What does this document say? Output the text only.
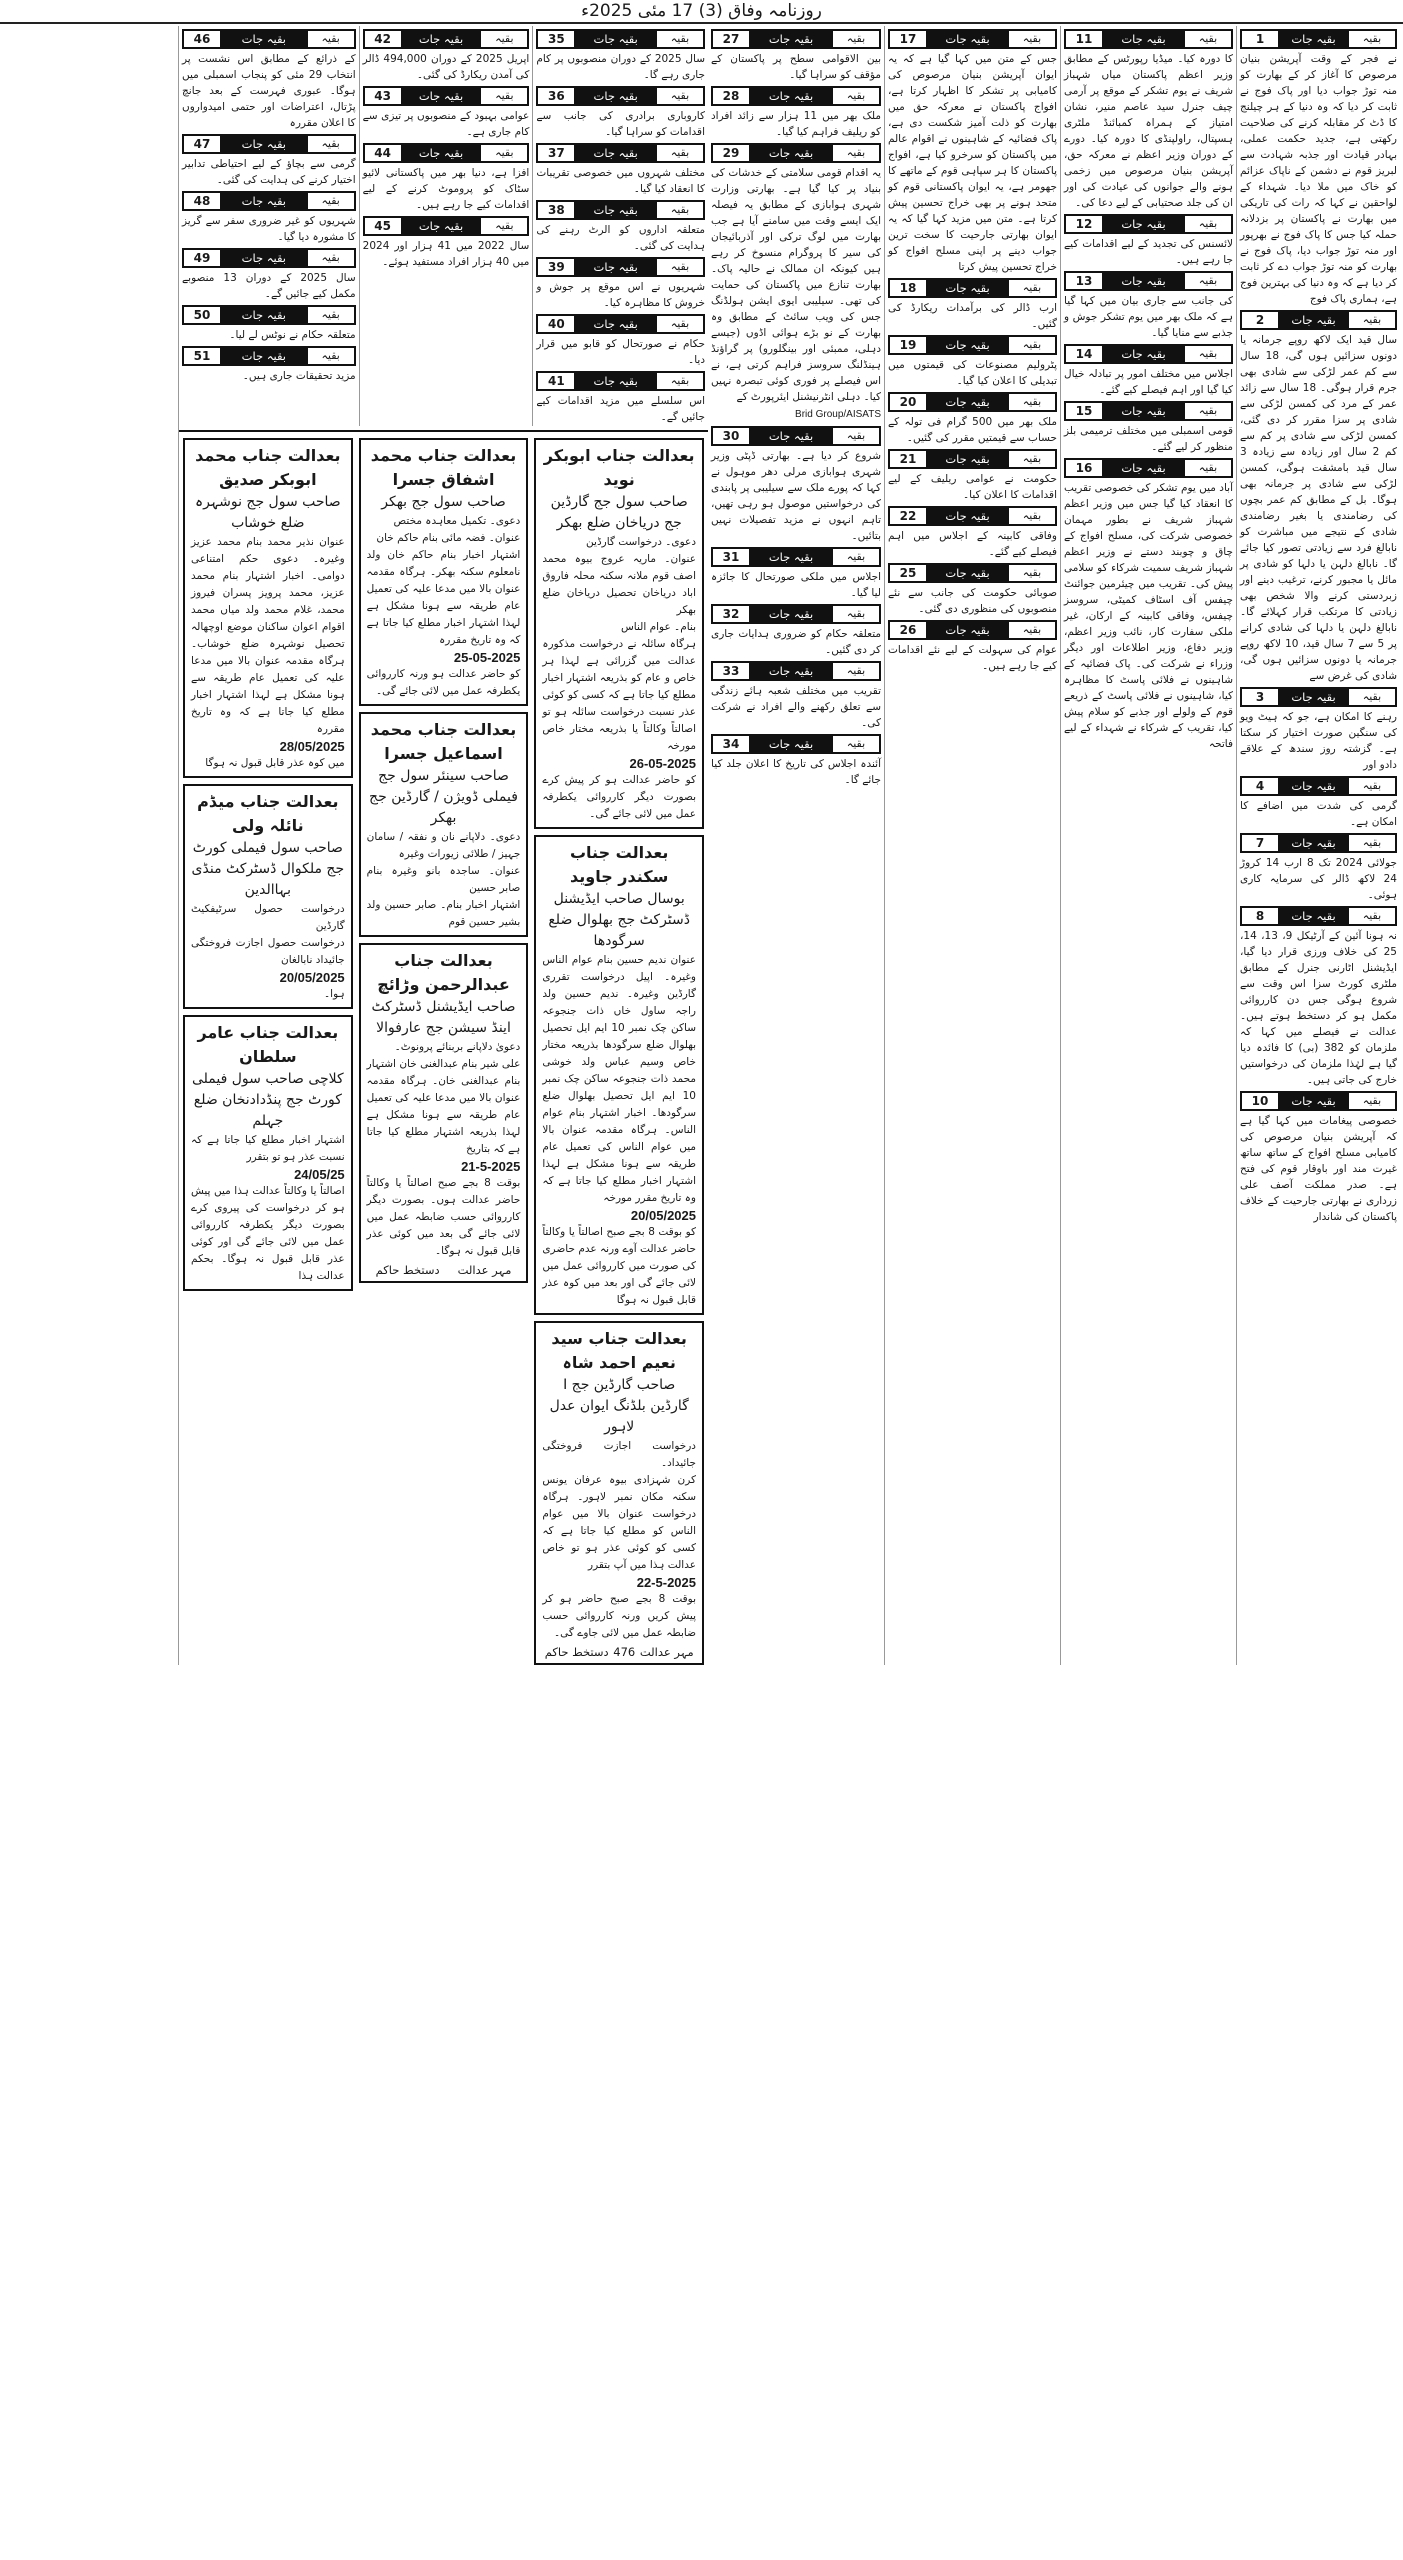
روزنامہ وفاق (3) 17 مئی 2025ء
1	بقیہ جات	بقیہ

نے فجر کے وقت آپریشن بنیان مرصوص کا آغاز کر کے بھارت کو منہ توڑ جواب دیا اور پاک فوج نے ثابت کر دیا کہ وہ دنیا کے ہر چیلنج کا ڈٹ کر مقابلہ کرنے کی صلاحیت رکھتی ہے، جدید حکمت عملی، بہادر قیادت اور جذبہ شہادت سے لبریز قوم نے دشمن کے ناپاک عزائم کو خاک میں ملا دیا۔ شہداء کے لواحقین نے کہا کہ رات کی تاریکی میں بھارت نے پاکستان پر بزدلانہ حملہ کیا جس کا پاک فوج نے بھرپور اور منہ توڑ جواب دیا، پاک فوج نے بھارت کو منہ توڑ جواب دے کر ثابت کر دیا ہے کہ وہ دنیا کی بہترین فوج ہے، ہماری پاک فوج

2	بقیہ جات	بقیہ

سال قید ایک لاکھ روپے جرمانہ یا دونوں سزائیں ہوں گی، 18 سال سے کم عمر لڑکی سے شادی بھی جرم قرار ہوگی۔ 18 سال سے زائد عمر کے مرد کی کمسن لڑکی سے شادی پر سزا مقرر کر دی گئی، کمسن لڑکی سے شادی پر کم سے کم 2 سال اور زیادہ سے زیادہ 3 سال قید بامشقت ہوگی، کمسن لڑکی سے شادی پر جرمانہ بھی ہوگا۔ بل کے مطابق کم عمر بچوں کی رضامندی یا بغیر رضامندی شادی کے نتیجے میں مباشرت کو نابالغ فرد سے زیادتی تصور کیا جائے گا۔ نابالغ دلہن یا دلہا کو شادی پر مائل یا مجبور کرنے، ترغیب دینے اور زبردستی کرنے والا شخص بھی زیادتی کا مرتکب قرار کہلائے گا۔ نابالغ دلہن یا دلہا کی شادی کرانے پر 5 سے 7 سال قید، 10 لاکھ روپے جرمانہ یا دونوں سزائیں ہوں گی، شادی کی غرض سے

3	بقیہ جات	بقیہ

رہنے کا امکان ہے، جو کہ ہیٹ ویو کی سنگین صورت اختیار کر سکتا ہے۔ گزشتہ روز سندھ کے علاقے دادو اور

4	بقیہ جات	بقیہ

گرمی کی شدت میں اضافے کا امکان ہے۔

7	بقیہ جات	بقیہ

جولائی 2024 تک 8 ارب 14 کروڑ 24 لاکھ ڈالر کی سرمایہ کاری ہوئی۔

8	بقیہ جات	بقیہ

نہ ہونا آئین کے آرٹیکل 9، 13، 14، 25 کی خلاف ورزی قرار دیا گیا، ایڈیشنل اٹارنی جنرل کے مطابق ملٹری کورٹ سزا اس وقت سے شروع ہوگی جس دن کارروائی مکمل ہو کر دستخط ہوتے ہیں۔ عدالت نے فیصلے میں کہا کہ ملزمان کو 382 (بی) کا فائدہ دیا گیا ہے لہٰذا ملزمان کی درخواستیں خارج کی جاتی ہیں۔

10	بقیہ جات	بقیہ

خصوصی پیغامات میں کہا گیا ہے کہ آپریشن بنیان مرصوص کی کامیابی مسلح افواج کے ساتھ ساتھ غیرت مند اور باوقار قوم کی فتح ہے۔ صدر مملکت آصف علی زرداری نے بھارتی جارحیت کے خلاف پاکستان کی شاندار

11	بقیہ جات	بقیہ

کا دورہ کیا۔ میڈیا رپورٹس کے مطابق وزیر اعظم پاکستان میاں شہباز شریف نے یوم تشکر کے موقع پر آرمی چیف جنرل سید عاصم منیر، نشان امتیاز کے ہمراہ کمبائنڈ ملٹری ہسپتال، راولپنڈی کا دورہ کیا۔ دورے کے دوران وزیر اعظم نے معرکہ حق، آپریشن بنیان مرصوص میں زخمی ہونے والے جوانوں کی عیادت کی اور ان کی جلد صحتیابی کے لیے دعا کی۔

12	بقیہ جات	بقیہ

لائسنس کی تجدید کے لیے اقدامات کیے جا رہے ہیں۔

13	بقیہ جات	بقیہ

کی جانب سے جاری بیان میں کہا گیا ہے کہ ملک بھر میں یوم تشکر جوش و جذبے سے منایا گیا۔

14	بقیہ جات	بقیہ

اجلاس میں مختلف امور پر تبادلہ خیال کیا گیا اور اہم فیصلے کیے گئے۔

15	بقیہ جات	بقیہ

قومی اسمبلی میں مختلف ترمیمی بلز منظور کر لیے گئے۔

16	بقیہ جات	بقیہ

آباد میں یوم تشکر کی خصوصی تقریب کا انعقاد کیا گیا جس میں وزیر اعظم شہباز شریف نے بطور مہمان خصوصی شرکت کی، مسلح افواج کے چاق و چوبند دستے نے وزیر اعظم شہباز شریف سمیت شرکاء کو سلامی پیش کی۔ تقریب میں چیئرمین جوائنٹ چیفس آف اسٹاف کمیٹی، سروسز چیفس، وفاقی کابینہ کے ارکان، غیر ملکی سفارت کار، نائب وزیر اعظم، وزیر دفاع، وزیر اطلاعات اور دیگر وزراء نے شرکت کی۔ پاک فضائیہ کے شاہینوں نے فلائی پاسٹ کا مظاہرہ کیا، شاہینوں نے فلائی پاسٹ کے ذریعے قوم کے ولولے اور جذبے کو سلام پیش کیا، تقریب کے شرکاء نے شہداء کے لیے فاتحہ

17	بقیہ جات	بقیہ

جس کے متن میں کہا گیا ہے کہ یہ ایوان آپریشن بنیان مرصوص کی کامیابی پر تشکر کا اظہار کرتا ہے، افواج پاکستان نے معرکہ حق میں بھارت کو ذلت آمیز شکست دی ہے، پاک فضائیہ کے شاہینوں نے اقوام عالم میں پاکستان کو سرخرو کیا ہے، افواج پاکستان کا ہر سپاہی قوم کے ماتھے کا جھومر ہے، یہ ایوان پاکستانی قوم کو متحد ہونے پر بھی خراج تحسین پیش کرتا ہے۔ متن میں مزید کہا گیا کہ یہ ایوان بھارتی جارحیت کا سخت ترین جواب دینے پر اپنی مسلح افواج کو خراج تحسین پیش کرتا

18	بقیہ جات	بقیہ

ارب ڈالر کی برآمدات ریکارڈ کی گئیں۔

19	بقیہ جات	بقیہ

پٹرولیم مصنوعات کی قیمتوں میں تبدیلی کا اعلان کیا گیا۔

20	بقیہ جات	بقیہ

ملک بھر میں 500 گرام فی تولہ کے حساب سے قیمتیں مقرر کی گئیں۔

21	بقیہ جات	بقیہ

حکومت نے عوامی ریلیف کے لیے اقدامات کا اعلان کیا۔

22	بقیہ جات	بقیہ

وفاقی کابینہ کے اجلاس میں اہم فیصلے کیے گئے۔

25	بقیہ جات	بقیہ

صوبائی حکومت کی جانب سے نئے منصوبوں کی منظوری دی گئی۔

26	بقیہ جات	بقیہ

عوام کی سہولت کے لیے نئے اقدامات کیے جا رہے ہیں۔

27	بقیہ جات	بقیہ

بین الاقوامی سطح پر پاکستان کے مؤقف کو سراہا گیا۔

28	بقیہ جات	بقیہ

ملک بھر میں 11 ہزار سے زائد افراد کو ریلیف فراہم کیا گیا۔

29	بقیہ جات	بقیہ

یہ اقدام قومی سلامتی کے خدشات کی بنیاد پر کیا گیا ہے۔ بھارتی وزارت شہری ہوابازی کے مطابق یہ فیصلہ ایک ایسے وقت میں سامنے آیا ہے جب بھارت میں لوگ ترکی اور آذربائیجان کی سیر کا پروگرام منسوخ کر رہے ہیں کیونکہ ان ممالک نے حالیہ پاک۔بھارت تنازع میں پاکستان کی حمایت کی تھی۔ سیلیبی ایوی ایشن ہولڈنگ جس کی ویب سائٹ کے مطابق وہ بھارت کے نو بڑے ہوائی اڈوں (جیسے دہلی، ممبئی اور بینگلورو) پر گراؤنڈ ہینڈلنگ سروسز فراہم کرتی ہے، نے اس فیصلے پر فوری کوئی تبصرہ نہیں کیا۔ دہلی انٹرنیشنل ایئرپورٹ کے

Brid Group/AISATS
30	بقیہ جات	بقیہ

شروع کر دیا ہے۔ بھارتی ڈپٹی وزیر شہری ہوابازی مرلی دھر موہول نے کہا کہ پورے ملک سے سیلیبی پر پابندی کی درخواستیں موصول ہو رہی تھیں، تاہم انہوں نے مزید تفصیلات نہیں بتائیں۔

31	بقیہ جات	بقیہ

اجلاس میں ملکی صورتحال کا جائزہ لیا گیا۔

32	بقیہ جات	بقیہ

متعلقہ حکام کو ضروری ہدایات جاری کر دی گئیں۔

33	بقیہ جات	بقیہ

تقریب میں مختلف شعبہ ہائے زندگی سے تعلق رکھنے والے افراد نے شرکت کی۔

34	بقیہ جات	بقیہ

آئندہ اجلاس کی تاریخ کا اعلان جلد کیا جائے گا۔

35	بقیہ جات	بقیہ

سال 2025 کے دوران منصوبوں پر کام جاری رہے گا۔

36	بقیہ جات	بقیہ

کاروباری برادری کی جانب سے اقدامات کو سراہا گیا۔

37	بقیہ جات	بقیہ

مختلف شہروں میں خصوصی تقریبات کا انعقاد کیا گیا۔

38	بقیہ جات	بقیہ

متعلقہ اداروں کو الرٹ رہنے کی ہدایت کی گئی۔

39	بقیہ جات	بقیہ

شہریوں نے اس موقع پر جوش و خروش کا مظاہرہ کیا۔

40	بقیہ جات	بقیہ

حکام نے صورتحال کو قابو میں قرار دیا۔

41	بقیہ جات	بقیہ

اس سلسلے میں مزید اقدامات کیے جائیں گے۔

42	بقیہ جات	بقیہ

اپریل 2025 کے دوران 494,000 ڈالر کی آمدن ریکارڈ کی گئی۔

43	بقیہ جات	بقیہ

عوامی بہبود کے منصوبوں پر تیزی سے کام جاری ہے۔

44	بقیہ جات	بقیہ

افزا ہے، دنیا بھر میں پاکستانی لائیو سٹاک کو پروموٹ کرنے کے لیے اقدامات کیے جا رہے ہیں۔

45	بقیہ جات	بقیہ

سال 2022 میں 41 ہزار اور 2024 میں 40 ہزار افراد مستفید ہوئے۔

46	بقیہ جات	بقیہ

کے ذرائع کے مطابق اس نشست پر انتخاب 29 مئی کو پنجاب اسمبلی میں ہوگا۔ عبوری فہرست کے بعد جانچ پڑتال، اعتراضات اور حتمی امیدواروں کا اعلان مقررہ

47	بقیہ جات	بقیہ

گرمی سے بچاؤ کے لیے احتیاطی تدابیر اختیار کرنے کی ہدایت کی گئی۔

48	بقیہ جات	بقیہ

شہریوں کو غیر ضروری سفر سے گریز کا مشورہ دیا گیا۔

49	بقیہ جات	بقیہ

سال 2025 کے دوران 13 منصوبے مکمل کیے جائیں گے۔

50	بقیہ جات	بقیہ

متعلقہ حکام نے نوٹس لے لیا۔

51	بقیہ جات	بقیہ

مزید تحقیقات جاری ہیں۔

بعدالت جناب ابوبکر نوید
صاحب سول جج گارڈین جج دریاخان ضلع بھکر
دعوی۔ درخواست گارڈین
عنوان۔ ماریہ عروج بیوہ محمد اصف قوم ملانہ سکنہ محلہ فاروق اباد دریاخان تحصیل دریاخان ضلع بھکر
بنام۔ عوام الناس
ہرگاہ سائلہ نے درخواست مذکورہ عدالت میں گزرائی ہے لہذا ہر خاص و عام کو بذریعہ اشتہار اخبار مطلع کیا جاتا ہے کہ کسی کو کوئی عذر نسبت درخواست سائلہ ہو تو اصالتاً وکالتاً یا بذریعہ مختار خاص مورخہ
26-05-2025
کو حاضر عدالت ہو کر پیش کرے بصورت دیگر کارروائی یکطرفہ عمل میں لائی جائے گی۔
بعدالت جناب سکندر جاوید
بوسال صاحب ایڈیشنل ڈسٹرکٹ جج بھلوال ضلع سرگودھا
عنوان ندیم حسین بنام عوام الناس وغیرہ۔ اپیل درخواست تقرری گارڈین وغیرہ۔ ندیم حسین ولد راجہ ساول خاں ذات جنجوعہ ساکن چک نمبر 10 ایم ایل تحصیل بھلوال ضلع سرگودھا بذریعہ مختار خاص وسیم عباس ولد خوشی محمد ذات جنجوعہ ساکن چک نمبر 10 ایم ایل تحصیل بھلوال ضلع سرگودھا۔ اخبار اشتہار بنام عوام الناس۔ ہرگاہ مقدمہ عنوان بالا میں عوام الناس کی تعمیل عام طریقہ سے ہونا مشکل ہے لہذا اشتہار اخبار مطلع کیا جاتا ہے کہ وہ تاریخ مقرر مورخہ
20/05/2025
کو بوقت 8 بجے صبح اصالتاً یا وکالتاً حاضر عدالت آوے ورنہ عدم حاضری کی صورت میں کارروائی عمل میں لائی جائے گی اور بعد میں کوہ عذر قابل قبول نہ ہوگا
بعدالت جناب سید نعیم احمد شاہ
صاحب گارڈین جج I گارڈین بلڈنگ ایوان عدل لاہور
درخواست اجازت فروختگی جائیداد۔
کرن شہزادی بیوہ عرفان یونس سکنہ مکان نمبر لاہور۔ ہرگاہ درخواست عنوان بالا میں عوام الناس کو مطلع کیا جاتا ہے کہ کسی کو کوئی عذر ہو تو خاص عدالت ہذا میں آپ بتقرر
22-5-2025
بوقت 8 بجے صبح حاضر ہو کر پیش کریں ورنہ کارروائی حسب ضابطہ عمل میں لائی جاوے گی۔
مہر عدالت
476
دستخط حاکم
بعدالت جناب محمد اشفاق جسرا
صاحب سول جج بھکر
دعوی۔ تکمیل معاہدہ مختص
عنوان۔ فضہ مائی بنام حاکم خان
اشتہار اخبار بنام حاکم خان ولد نامعلوم سکنہ بھکر۔ ہرگاہ مقدمہ عنوان بالا میں مدعا علیہ کی تعمیل عام طریقہ سے ہونا مشکل ہے لہذا اشتہار اخبار مطلع کیا جاتا ہے کہ وہ تاریخ مقررہ
25-05-2025
کو حاضر عدالت ہو ورنہ کارروائی یکطرفہ عمل میں لائی جائے گی۔
بعدالت جناب محمد اسماعیل جسرا
صاحب سینئر سول جج فیملی ڈویژن / گارڈین جج بھکر
دعوی۔ دلاپانے نان و نفقہ / سامان جہیز / طلائی زیورات وغیرہ
عنوان۔ ساجدہ بانو وغیرہ بنام صابر حسین
اشتہار اخبار بنام۔ صابر حسین ولد بشیر حسین قوم
بعدالت جناب عبدالرحمن وڑائچ
صاحب ایڈیشنل ڈسٹرکٹ اینڈ سیشن جج عارفوالا
دعویٰ دلاپانے بربنائے پرونوٹ۔
علی شیر بنام عبدالغنی خان اشتہار بنام عبدالغنی خان۔ ہرگاہ مقدمہ عنوان بالا میں مدعا علیہ کی تعمیل عام طریقہ سے ہونا مشکل ہے لہذا بذریعہ اشتہار مطلع کیا جاتا ہے کہ بتاریخ
21-5-2025
بوقت 8 بجے صبح اصالتاً یا وکالتاً حاضر عدالت ہوں۔ بصورت دیگر کارروائی حسب ضابطہ عمل میں لائی جائے گی بعد میں کوئی عذر قابل قبول نہ ہوگا۔
مہر عدالت
دستخط حاکم
بعدالت جناب محمد ابوبکر صدیق
صاحب سول جج نوشہرہ ضلع خوشاب
عنوان نذیر محمد بنام محمد عزیز وغیرہ۔ دعوی حکم امتناعی دوامی۔ اخبار اشتہار بنام محمد عزیز، محمد پرویز پسران فیروز محمد، غلام محمد ولد میاں محمد اقوام اعوان ساکنان موضع اوچھالہ تحصیل نوشہرہ ضلع خوشاب۔ ہرگاہ مقدمہ عنوان بالا میں مدعا علیہ کی تعمیل عام طریقہ سے ہونا مشکل ہے لہذا اشتہار اخبار مطلع کیا جاتا ہے کہ وہ تاریخ مقررہ
28/05/2025
میں کوہ عذر قابل قبول نہ ہوگا
بعدالت جناب میڈم نائلہ ولی
صاحب سول فیملی کورٹ جج ملکوال ڈسٹرکٹ منڈی بہاالدین
درخواست حصول سرٹیفکیٹ گارڈین
درخواست حصول اجازت فروختگی جائیداد نابالغان
20/05/2025
ہوا۔
بعدالت جناب عامر سلطان
کلاچی صاحب سول فیملی کورٹ جج پنڈدادنخان ضلع جہلم
اشتہار اخبار مطلع کیا جاتا ہے کہ نسبت عذر ہو تو بتقرر
24/05/25
اصالتاً یا وکالتاً عدالت ہذا میں پیش ہو کر درخواست کی پیروی کرے بصورت دیگر یکطرفہ کارروائی عمل میں لائی جائے گی اور کوئی عذر قابل قبول نہ ہوگا۔ بحکم عدالت ہذا
